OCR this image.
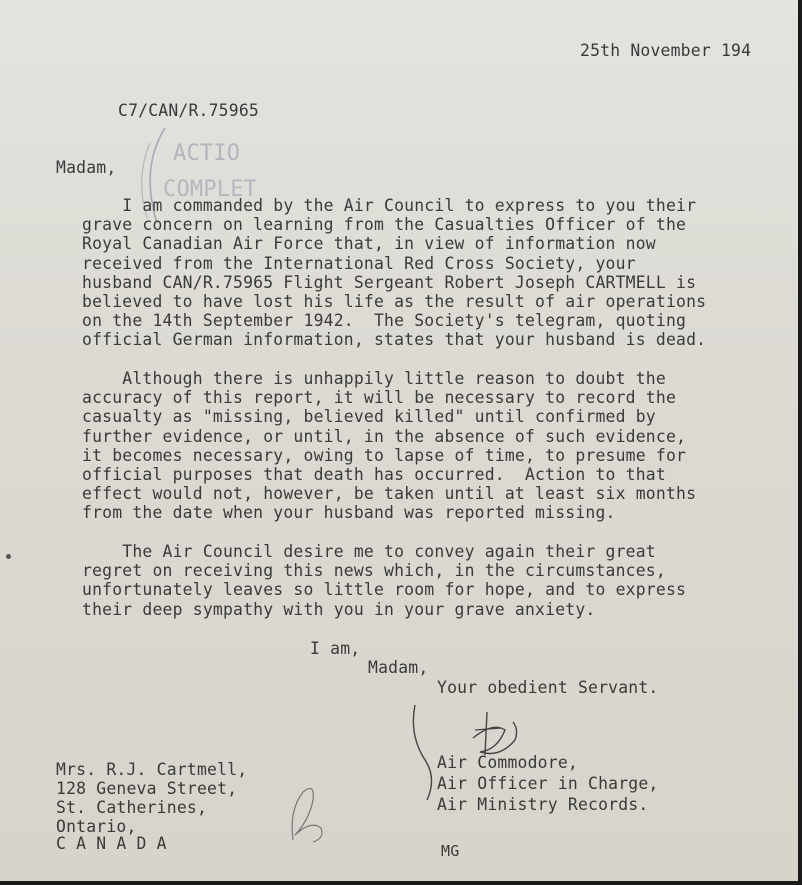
25th November 194
C7/CAN/R.75965
ACTIO
COMPLET
Madam,
I am commanded by the Air Council to express to you their
grave concern on learning from the Casualties Officer of the
Royal Canadian Air Force that, in view of information now
received from the International Red Cross Society, your
husband CAN/R.75965 Flight Sergeant Robert Joseph CARTMELL is
believed to have lost his life as the result of air operations
on the 14th September 1942.  The Society's telegram, quoting
official German information, states that your husband is dead.
Although there is unhappily little reason to doubt the
accuracy of this report, it will be necessary to record the
casualty as "missing, believed killed" until confirmed by
further evidence, or until, in the absence of such evidence,
it becomes necessary, owing to lapse of time, to presume for
official purposes that death has occurred.  Action to that
effect would not, however, be taken until at least six months
from the date when your husband was reported missing.
The Air Council desire me to convey again their great
regret on receiving this news which, in the circumstances,
unfortunately leaves so little room for hope, and to express
their deep sympathy with you in your grave anxiety.
I am,
Madam,
Your obedient Servant.
Air Commodore,
Air Officer in Charge,
Air Ministry Records.
Mrs. R.J. Cartmell,
128 Geneva Street,
St. Catherines,
Ontario,
C A N A D A	MG
